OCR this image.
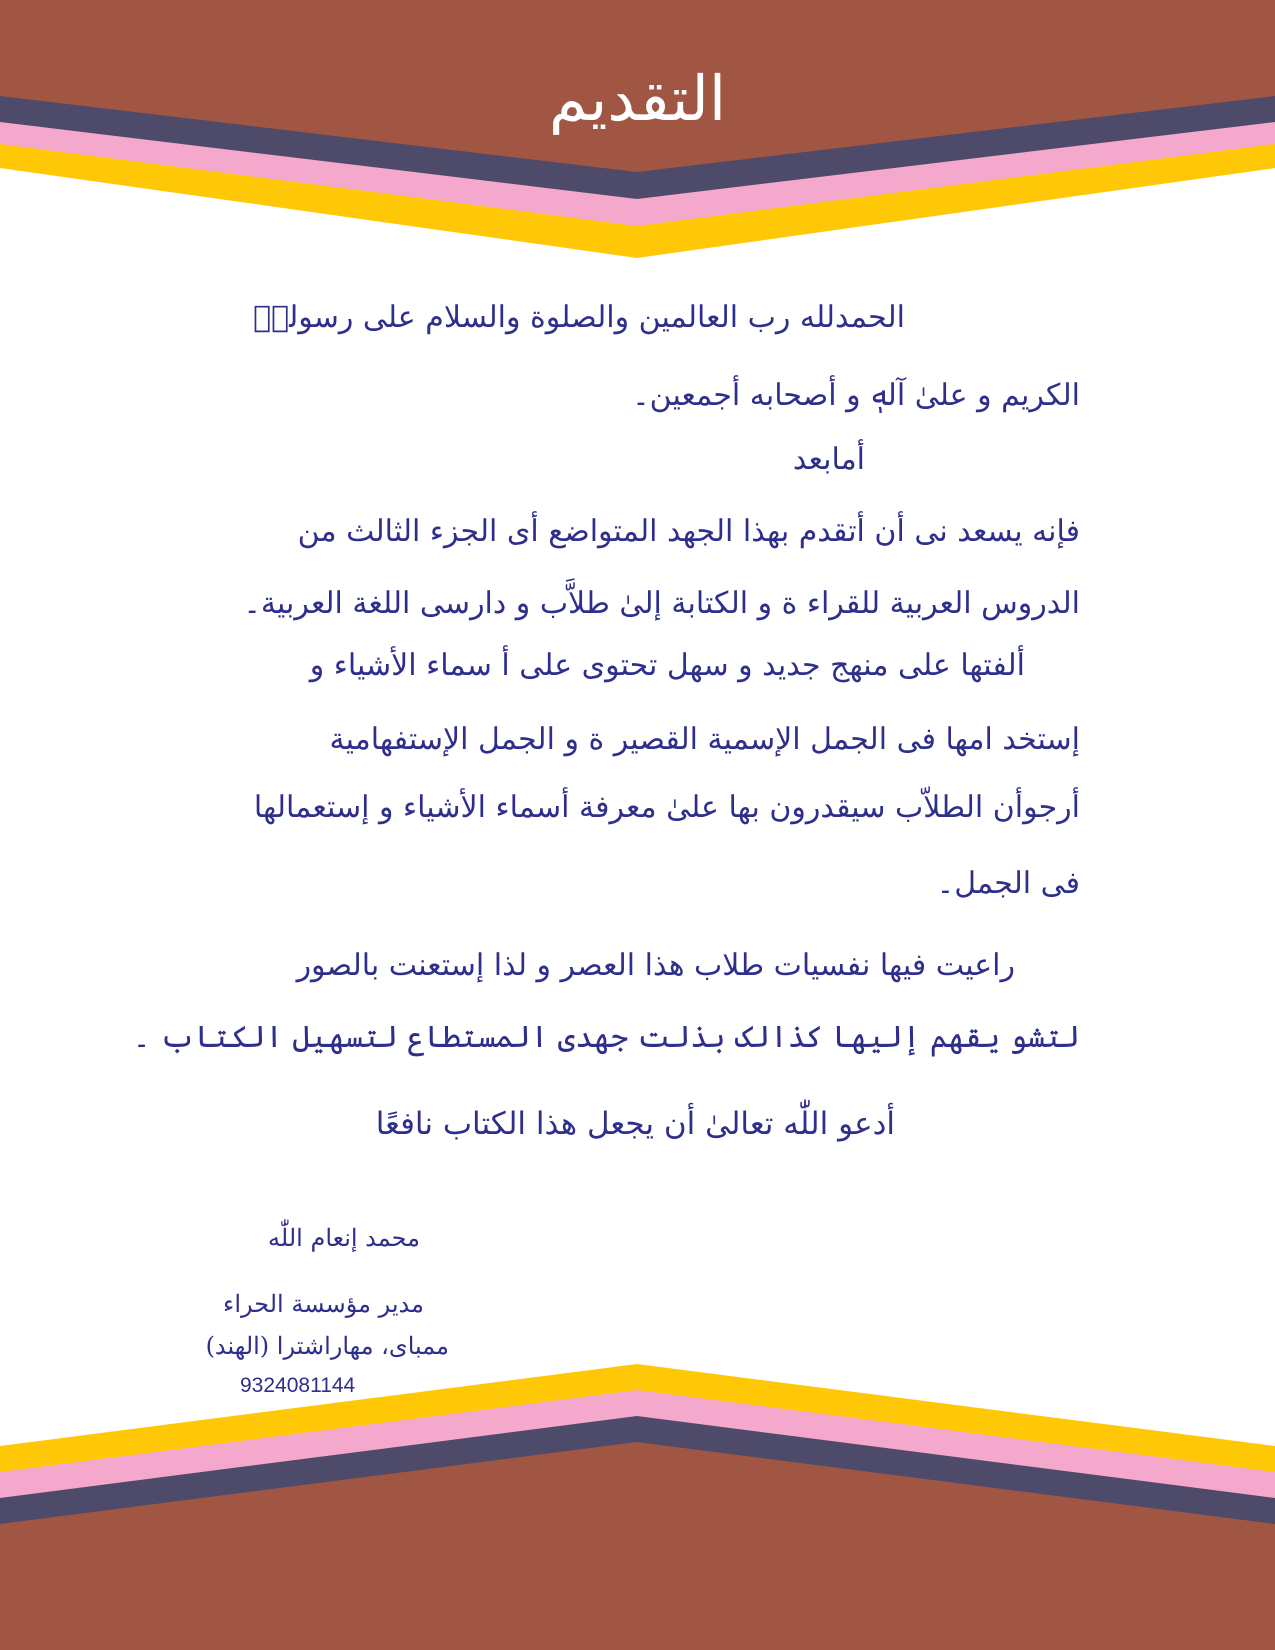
التقديم

الحمدلله رب العالمين والصلوة والسلام على رسولهٖ

الكريم و علیٰ آلهٖ و أصحابه أجمعين۔

أمابعد

فإنه يسعد نی أن أتقدم بهذا الجهد المتواضع أی الجزء الثالث من

الدروس العربية للقراء ة و الكتابة إلىٰ طلاَّب و دارسی اللغة العربية۔

ألفتها على منهج جديد و سهل تحتوی على أ سماء الأشياء و

إستخد امها فی الجمل الإسمية القصير ة و الجمل الإستفهامية

أرجوأن الطلاّب سيقدرون بها علیٰ معرفة أسماء الأشياء و إستعمالها

فی الجمل۔

راعيت فيها نفسيات طلاب هذا العصر و لذا إستعنت بالصور

لتشو يقهم إليها كذالک بذلت جهدی المستطاع لتسهيل الكتاب ۔

أدعو اللّٰه تعالیٰ أن يجعل هذا الكتاب نافعًا

محمد إنعام اللّٰه

مدير مؤسسة الحراء

ممبای، مهاراشترا (الهند)

9324081144
